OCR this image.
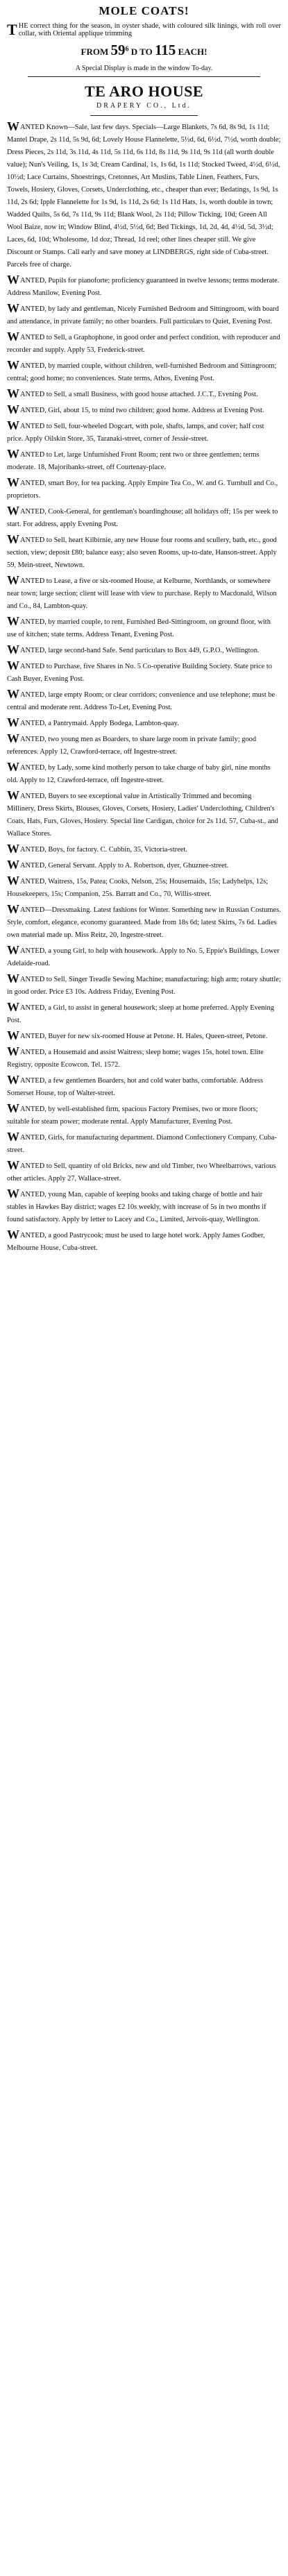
MOLE COATS!
T HE correct thing for the season, in oyster shade, with coloured silk linings, with roll over collar, with Oriental applique trimming
FROM $59^6$ D TO 115 EACH!
A Special Display is made in the window To-day.
TE ARO HOUSE
DRAPERY CO., Ltd.
WANTED Known—Sale, last few days. Specials—Large Blankets, 7s 6d, 8s 9d, 1s 11d; Mantel Drape, 2s 11d, 5s 9d, 6d; Lovely House Flannelette, 5½d, 6d, 6½d, 7½d, worth double; Dress Pieces, 2s 11d, 3s 11d, 4s 11d, 5s 11d, 6s 11d, 8s 11d, 9s 11d, 9s 11d (all worth double value); Nun's Veiling, 1s, 1s 3d; Cream Cardinal, 1s, 1s 6d, 1s 11d; Stocked Tweed, 4½d, 6½d, 10½d; Lace Curtains, Shoestrings, Cretonnes, Art Muslins, Table Linen, Feathers, Furs, Towels, Hosiery, Gloves, Corsets, Underclothing, etc., cheaper than ever; Bedatings, 1s 9d, 1s 11d, 2s 6d; Ipple Flannelette for 1s 9d, 1s 11d, 2s 6d; 1s 11d Hats, 1s, worth double in town; Wadded Quilts, 5s 6d, 7s 11d, 9s 11d; Blank Wool, 2s 11d; Pillow Ticking, 10d; Green All Wool Baize, now in; Window Blind, 4½d, 5½d, 6d; Bed Tickings, 1d, 2d, 4d, 4½d, 5d, 3½d; Laces, 6d, 10d; Wholesome, 1d doz; Thread, 1d reel; other lines cheaper still. We give Discount or Stamps. Call early and save money at LINDBERGS, right side of Cuba-street. Parcels free of charge.
WANTED, Pupils for pianoforte; proficiency guaranteed in twelve lessons; terms moderate. Address Manilow, Evening Post.
WANTED, by lady and gentleman, Nicely Furnished Bedroom and Sittingroom, with board and attendance, in private family; no other boarders. Full particulars to Quiet, Evening Post.
WANTED to Sell, a Graphophone, in good order and perfect condition, with reproducer and recorder and supply. Apply 53, Frederick-street.
WANTED, by married couple, without children, well-furnished Bedroom and Sittingroom; central; good home; no conveniences. State terms, Athos, Evening Post.
WANTED to Sell, a small Business, with good house attached. J.C.T., Evening Post.
WANTED, Girl, about 15, to mind two children; good home. Address at Evening Post.
WANTED to Sell, four-wheeled Dogcart, with pole, shafts, lamps, and cover; half cost price. Apply Oilskin Store, 35, Taranaki-street, corner of Jessie-street.
WANTED to Let, large Unfurnished Front Room; rent two or three gentlemen; terms moderate. 18, Majoribanks-street, off Courtenay-place.
WANTED, smart Boy, for tea packing. Apply Empire Tea Co., W. and G. Turnbull and Co., proprietors.
WANTED, Cook-General, for gentleman's boardinghouse; all holidays off; 15s per week to start. For address, apply Evening Post.
WANTED to Sell, heart Kilbirnie, any new House four rooms and scullery, bath, etc., good section, view; deposit £80; balance easy; also seven Rooms, up-to-date, Hanson-street. Apply 59, Mein-street, Newtown.
WANTED to Lease, a five or six-roomed House, at Kelburne, Northlands, or somewhere near town; large section; client will lease with view to purchase. Reply to Macdonald, Wilson and Co., 84, Lambton-quay.
WANTED, by married couple, to rent, Furnished Bed-Sittingroom, on ground floor, with use of kitchen; state terms. Address Tenant, Evening Post.
WANTED, large second-hand Safe. Send particulars to Box 449, G.P.O., Wellington.
WANTED to Purchase, five Shares in No. 5 Co-operative Building Society. State price to Cash Buyer, Evening Post.
WANTED, large empty Room; or clear corridors; convenience and use telephone; must be central and moderate rent. Address To-Let, Evening Post.
WANTED, a Pantrymaid. Apply Bodega, Lambton-quay.
WANTED, two young men as Boarders, to share large room in private family; good references. Apply 12, Crawford-terrace, off Ingestre-street.
WANTED, by Lady, some kind motherly person to take charge of baby girl, nine months old. Apply to 12, Crawford-terrace, off Ingestre-street.
WANTED, Buyers to see exceptional value in Artistically Trimmed and becoming Millinery, Dress Skirts, Blouses, Gloves, Corsets, Hosiery, Ladies' Underclothing, Children's Coats, Hats, Furs, Gloves, Hosiery. Special line Cardigan, choice for 2s 11d. 57, Cuba-st., and Wallace Stores.
WANTED, Boys, for factory. C. Cubbin, 35, Victoria-street.
WANTED, General Servant. Apply to A. Robertson, dyer, Ghuznee-street.
WANTED, Waitress, 15s, Patea; Cooks, Nelson, 25s; Housemaids, 15s; Ladyhelps, 12s; Housekeepers, 15s; Companion, 25s. Barratt and Co., 70, Willis-street.
WANTED—Dressmaking. Latest fashions for Winter. Something new in Russian Costumes. Style, comfort, elegance, economy guaranteed. Made from 18s 6d; latest Skirts, 7s 6d. Ladies own material made up. Miss Reitz, 20, Ingestre-street.
WANTED, a young Girl, to help with housework. Apply to No. 5, Eppie's Buildings, Lower Adelaide-road.
WANTED to Sell, Singer Treadle Sewing Machine; manufacturing; high arm; rotary shuttle; in good order. Price £3 10s. Address Friday, Evening Post.
WANTED, a Girl, to assist in general housework; sleep at home preferred. Apply Evening Post.
WANTED, Buyer for new six-roomed House at Petone. H. Hales, Queen-street, Petone.
WANTED, a Housemaid and assist Waitress; sleep home; wages 15s, hotel town. Elite Registry, opposite Ecowcon. Tel. 1572.
WANTED, a few gentlemen Boarders, hot and cold water baths, comfortable. Address Somerset House, top of Walter-street.
WANTED, by well-established firm, spacious Factory Premises, two or more floors; suitable for steam power; moderate rental. Apply Manufacturer, Evening Post.
WANTED, Girls, for manufacturing department. Diamond Confectionery Company, Cuba-street.
WANTED to Sell, quantity of old Bricks, new and old Timber, two Wheelbarrows, various other articles. Apply 27, Wallace-street.
WANTED, young Man, capable of keeping books and taking charge of bottle and hair stables in Hawkes Bay district; wages £2 10s weekly, with increase of 5s in two months if found satisfactory. Apply by letter to Lacey and Co., Limited, Jervois-quay, Wellington.
WANTED, a good Pastrycook; must be used to large hotel work. Apply James Godber, Melbourne House, Cuba-street.
